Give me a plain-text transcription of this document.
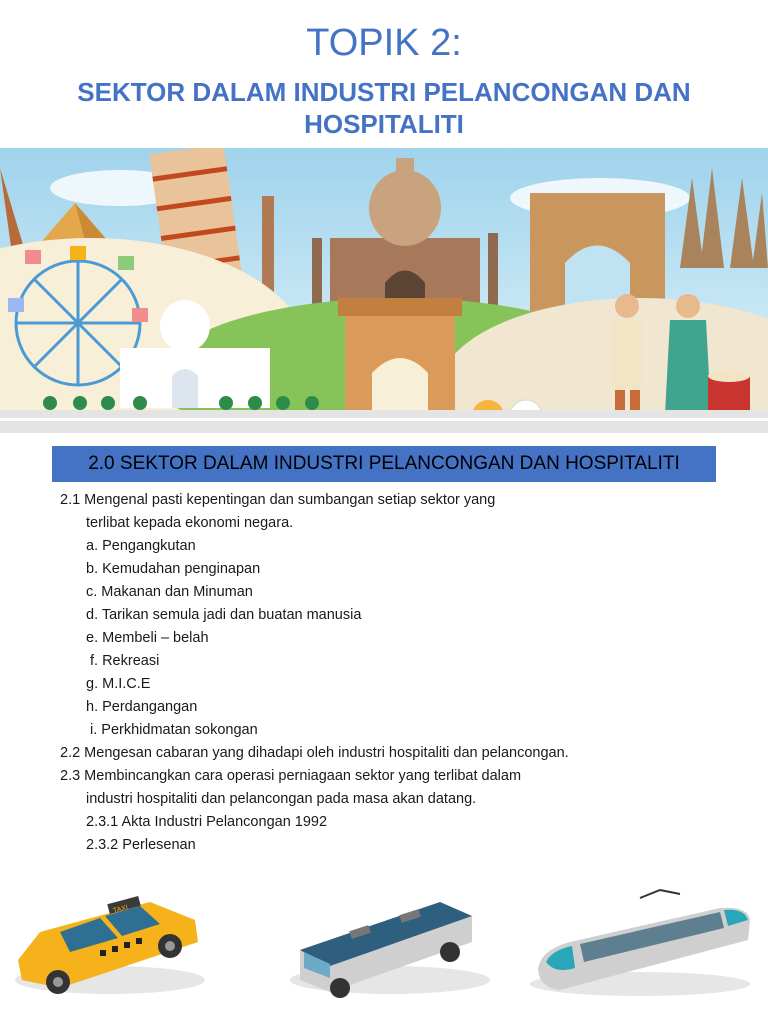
TOPIK 2:
SEKTOR DALAM INDUSTRI PELANCONGAN DAN
HOSPITALITI
2.0 SEKTOR DALAM INDUSTRI PELANCONGAN DAN HOSPITALITI
2.1 Mengenal pasti kepentingan dan sumbangan setiap sektor yang
terlibat kepada ekonomi negara.
a. Pengangkutan
b. Kemudahan penginapan
c. Makanan dan Minuman
d. Tarikan semula jadi dan buatan manusia
e. Membeli – belah
f. Rekreasi
g. M.I.C.E
h. Perdangangan
i. Perkhidmatan sokongan
2.2 Mengesan cabaran yang dihadapi oleh industri hospitaliti dan pelancongan.
2.3 Membincangkan cara operasi perniagaan sektor yang terlibat dalam
industri hospitaliti dan pelancongan pada masa akan datang.
2.3.1 Akta Industri Pelancongan 1992
2.3.2 Perlesenan
TAXI
